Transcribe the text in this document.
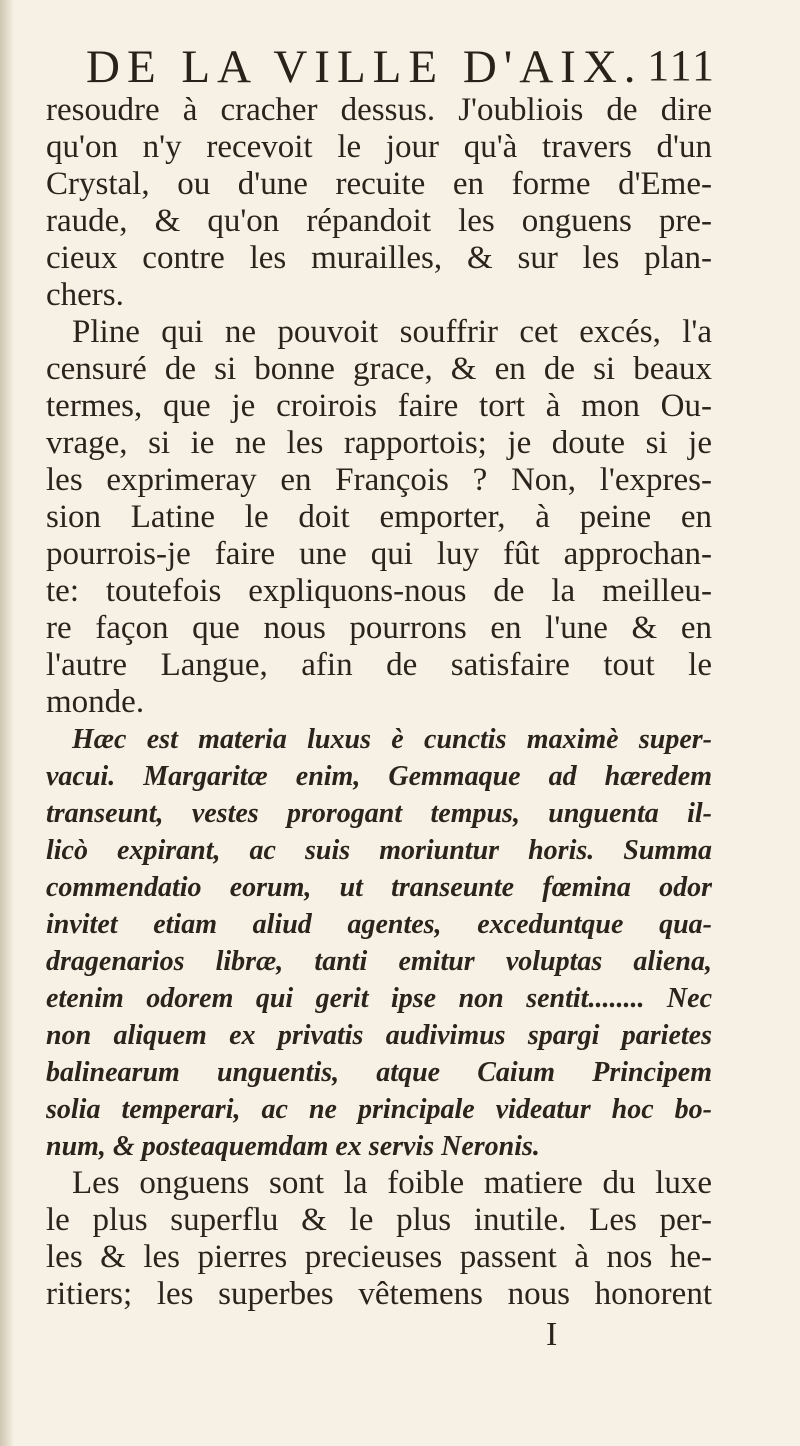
DE LA VILLE D'AIX. 111
resoudre à cracher dessus. J'oubliois de dire
qu'on n'y recevoit le jour qu'à travers d'un
Crystal, ou d'une recuite en forme d'Eme-
raude, & qu'on répandoit les onguens pre-
cieux contre les murailles, & sur les plan-
chers.
Pline qui ne pouvoit souffrir cet excés, l'a
censuré de si bonne grace, & en de si beaux
termes, que je croirois faire tort à mon Ou-
vrage, si ie ne les rapportois; je doute si je
les exprimeray en François ? Non, l'expres-
sion Latine le doit emporter, à peine en
pourrois-je faire une qui luy fût approchan-
te: toutefois expliquons-nous de la meilleu-
re façon que nous pourrons en l'une & en
l'autre Langue, afin de satisfaire tout le
monde.
Hæc est materia luxus è cunctis maximè super-
vacui. Margaritæ enim, Gemmaque ad hæredem
transeunt, vestes prorogant tempus, unguenta il-
licò expirant, ac suis moriuntur horis. Summa
commendatio eorum, ut transeunte fœmina odor
invitet etiam aliud agentes, exceduntque qua-
dragenarios libræ, tanti emitur voluptas aliena,
etenim odorem qui gerit ipse non sentit........ Nec
non aliquem ex privatis audivimus spargi parietes
balinearum unguentis, atque Caium Principem
solia temperari, ac ne principale videatur hoc bo-
num, & posteaquemdam ex servis Neronis.
Les onguens sont la foible matiere du luxe
le plus superflu & le plus inutile. Les per-
les & les pierres precieuses passent à nos he-
ritiers; les superbes vêtemens nous honorent
I
